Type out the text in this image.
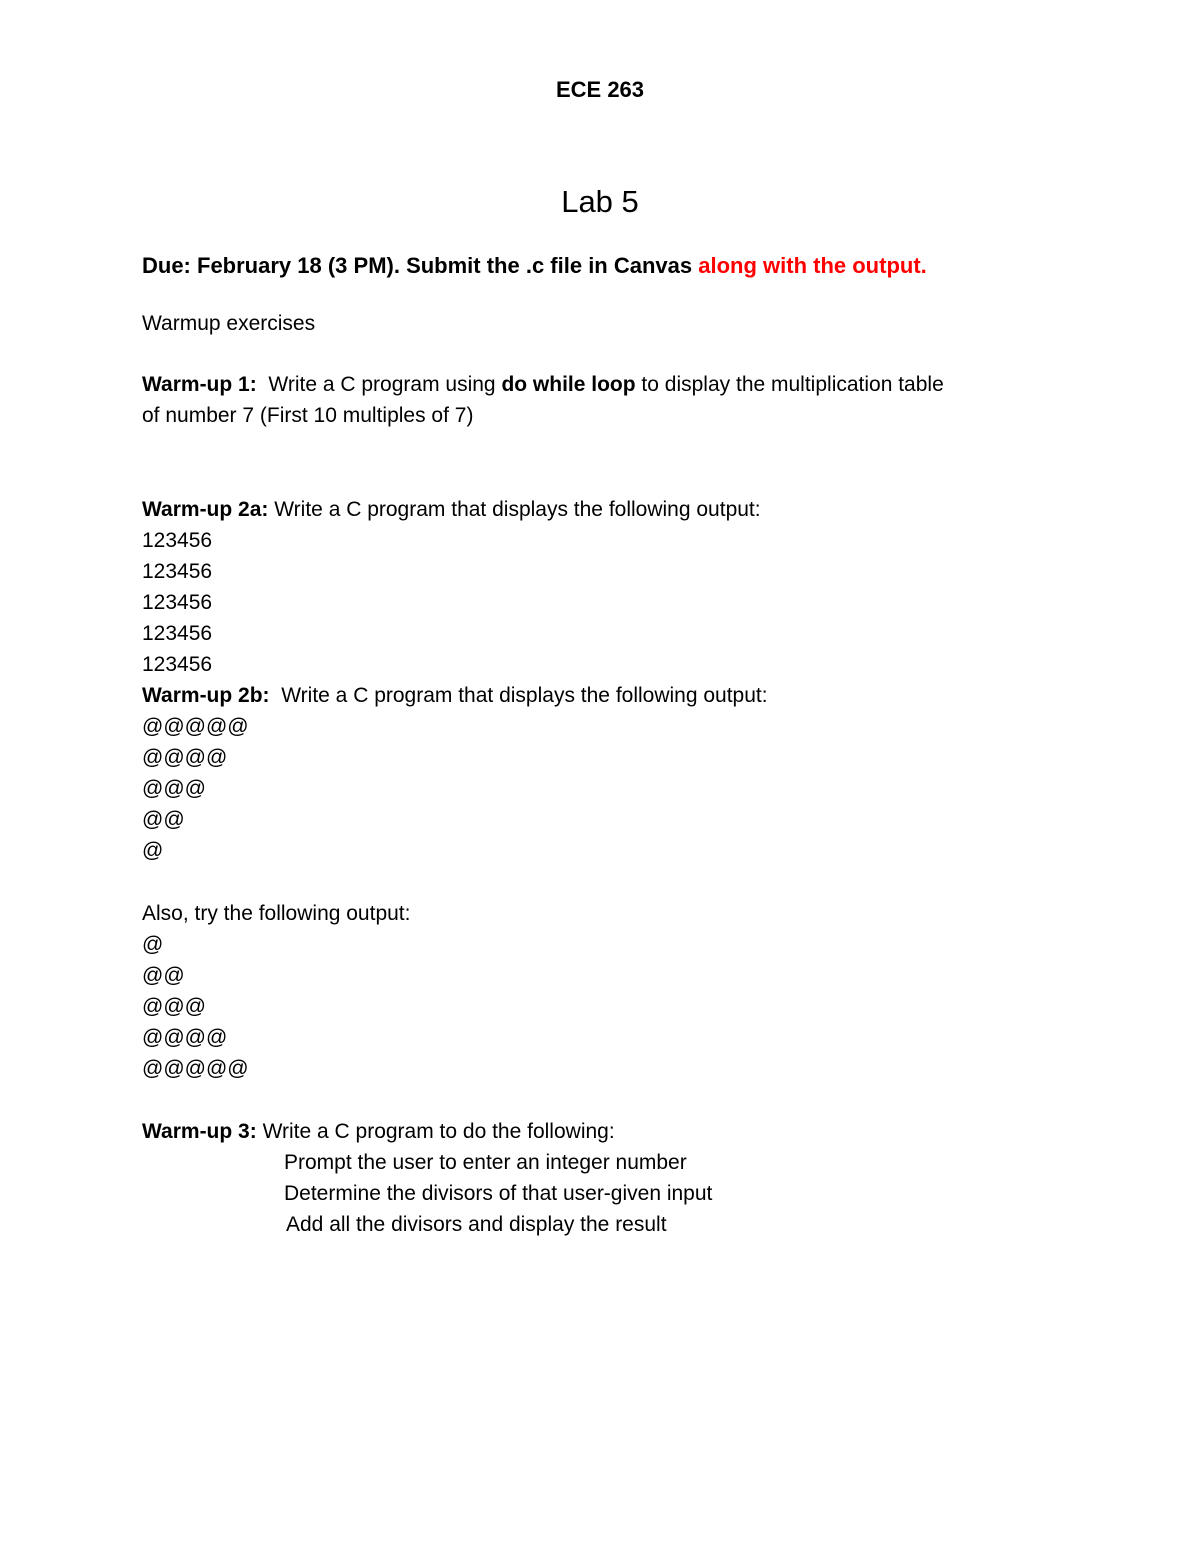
ECE 263
Lab 5
Due: February 18 (3 PM). Submit the .c file in Canvas along with the output.
Warmup exercises
Warm-up 1:  Write a C program using do while loop to display the multiplication table
of number 7 (First 10 multiples of 7)
Warm-up 2a: Write a C program that displays the following output:
123456
123456
123456
123456
123456
Warm-up 2b:  Write a C program that displays the following output:
@@@@@
@@@@
@@@
@@
@
Also, try the following output:
@
@@
@@@
@@@@
@@@@@
Warm-up 3: Write a C program to do the following:
Prompt the user to enter an integer number
Determine the divisors of that user-given input
Add all the divisors and display the result
